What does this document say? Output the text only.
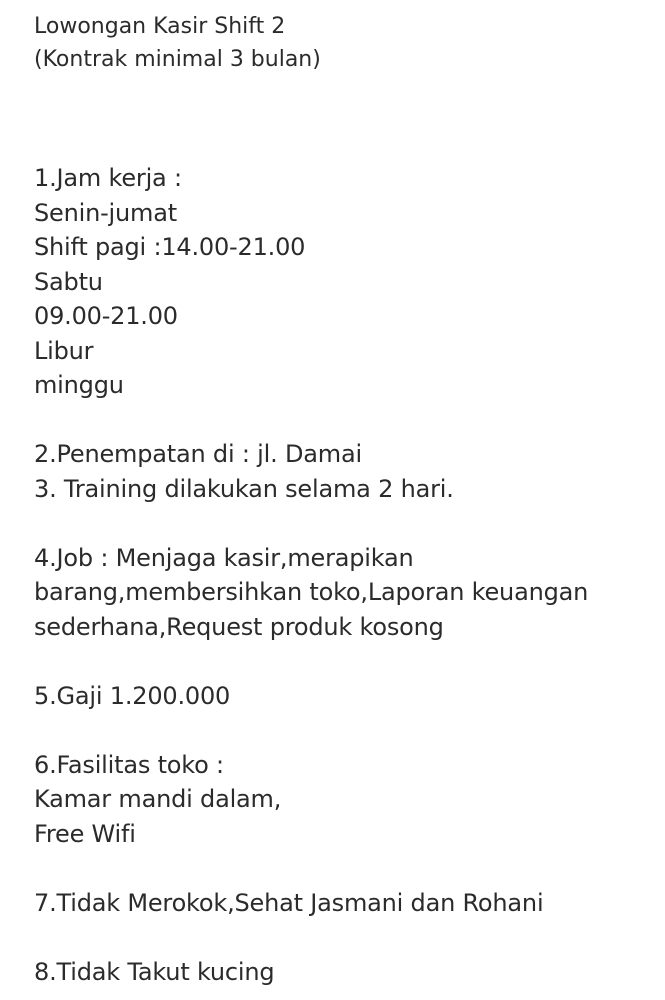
Lowongan Kasir Shift 2

(Kontrak minimal 3 bulan)

1.Jam kerja :

Senin-jumat

Shift pagi :14.00-21.00

Sabtu

09.00-21.00

Libur

minggu

2.Penempatan di : jl. Damai

3. Training dilakukan selama 2 hari.

4.Job : Menjaga kasir,merapikan

barang,membersihkan toko,Laporan keuangan

sederhana,Request produk kosong

5.Gaji 1.200.000

6.Fasilitas toko :

Kamar mandi dalam,

Free Wifi

7.Tidak Merokok,Sehat Jasmani dan Rohani

8.Tidak Takut kucing
